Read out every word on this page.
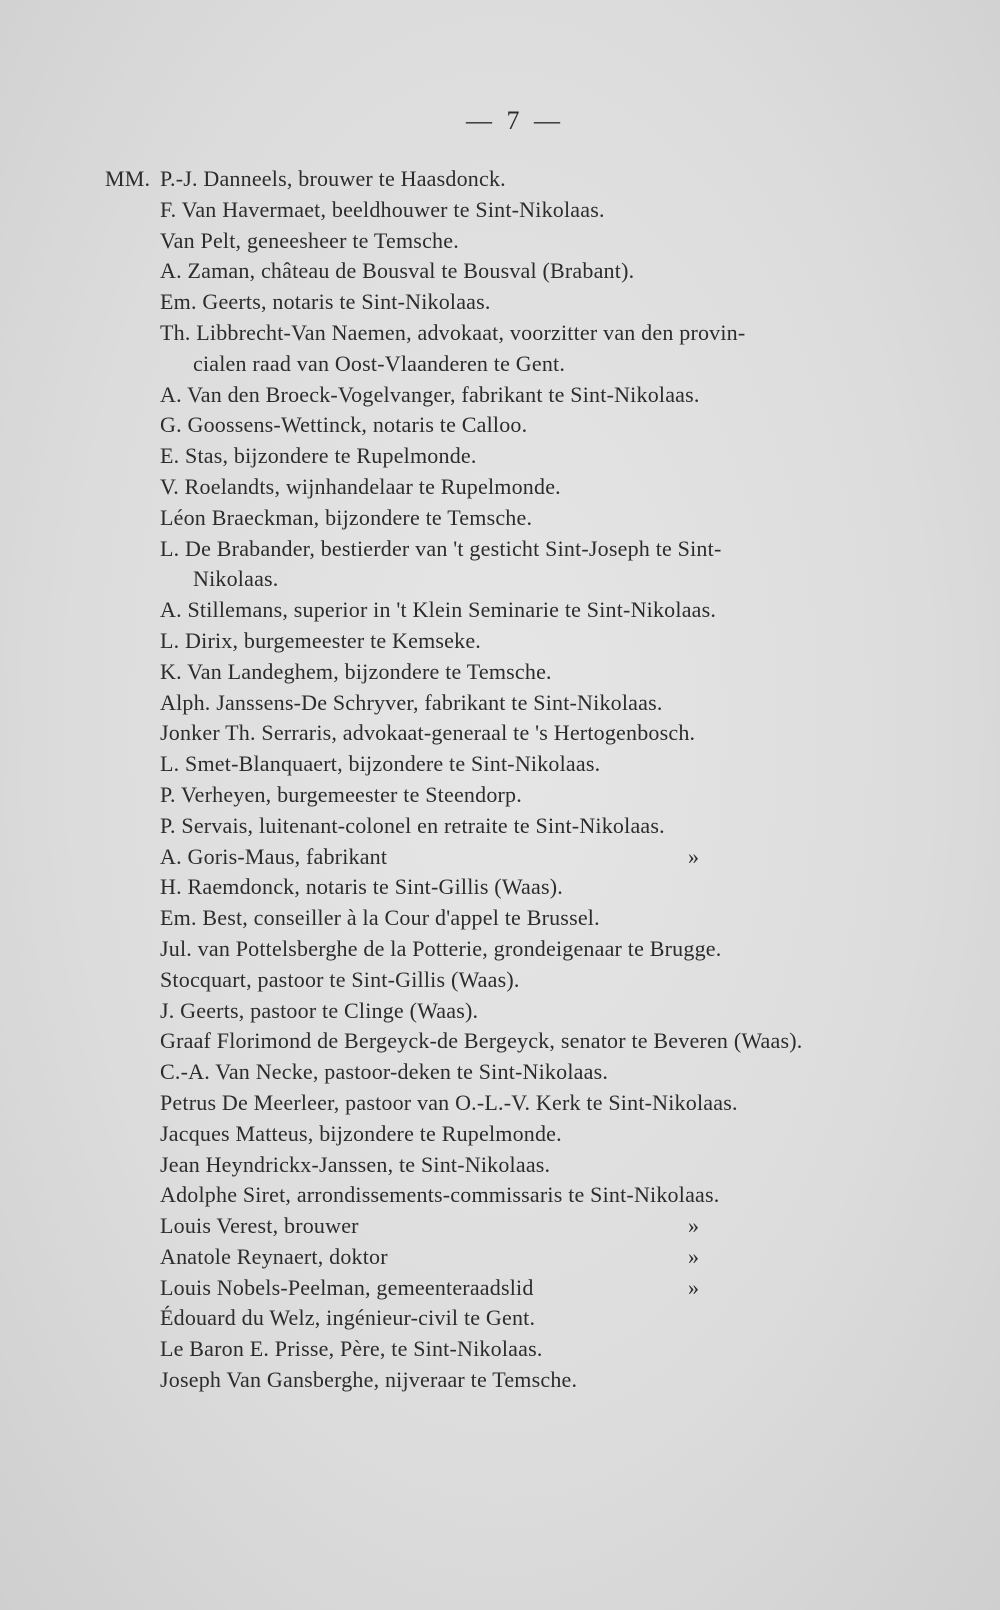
— 7 —
MM. P.-J. Danneels, brouwer te Haasdonck.
F. Van Havermaet, beeldhouwer te Sint-Nikolaas.
Van Pelt, geneesheer te Temsche.
A. Zaman, château de Bousval te Bousval (Brabant).
Em. Geerts, notaris te Sint-Nikolaas.
Th. Libbrecht-Van Naemen, advokaat, voorzitter van den provin-
cialen raad van Oost-Vlaanderen te Gent.
A. Van den Broeck-Vogelvanger, fabrikant te Sint-Nikolaas.
G. Goossens-Wettinck, notaris te Calloo.
E. Stas, bijzondere te Rupelmonde.
V. Roelandts, wijnhandelaar te Rupelmonde.
Léon Braeckman, bijzondere te Temsche.
L. De Brabander, bestierder van 't gesticht Sint-Joseph te Sint-
Nikolaas.
A. Stillemans, superior in 't Klein Seminarie te Sint-Nikolaas.
L. Dirix, burgemeester te Kemseke.
K. Van Landeghem, bijzondere te Temsche.
Alph. Janssens-De Schryver, fabrikant te Sint-Nikolaas.
Jonker Th. Serraris, advokaat-generaal te 's Hertogenbosch.
L. Smet-Blanquaert, bijzondere te Sint-Nikolaas.
P. Verheyen, burgemeester te Steendorp.
P. Servais, luitenant-colonel en retraite te Sint-Nikolaas.
A. Goris-Maus, fabrikant	»
H. Raemdonck, notaris te Sint-Gillis (Waas).
Em. Best, conseiller à la Cour d'appel te Brussel.
Jul. van Pottelsberghe de la Potterie, grondeigenaar te Brugge.
Stocquart, pastoor te Sint-Gillis (Waas).
J. Geerts, pastoor te Clinge (Waas).
Graaf Florimond de Bergeyck-de Bergeyck, senator te Beveren (Waas).
C.-A. Van Necke, pastoor-deken te Sint-Nikolaas.
Petrus De Meerleer, pastoor van O.-L.-V. Kerk te Sint-Nikolaas.
Jacques Matteus, bijzondere te Rupelmonde.
Jean Heyndrickx-Janssen, te Sint-Nikolaas.
Adolphe Siret, arrondissements-commissaris te Sint-Nikolaas.
Louis Verest, brouwer	»
Anatole Reynaert, doktor	»
Louis Nobels-Peelman, gemeenteraadslid	»
Édouard du Welz, ingénieur-civil te Gent.
Le Baron E. Prisse, Père, te Sint-Nikolaas.
Joseph Van Gansberghe, nijveraar te Temsche.
